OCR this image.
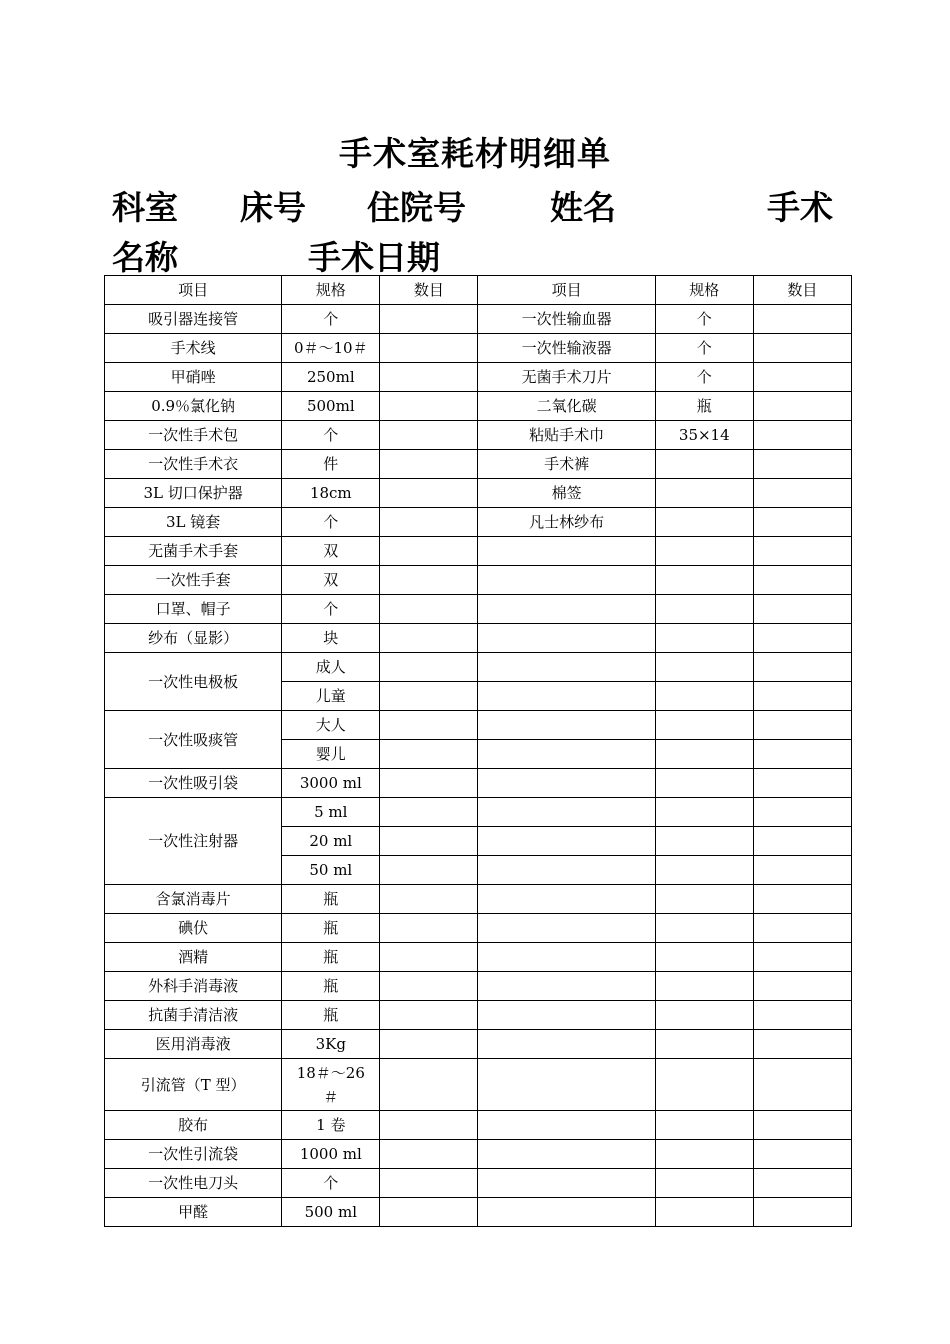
手术室耗材明细单
科室 床号 住院号	姓名	手术
名称	手术日期
项目	规格	数目	项目	规格	数目
吸引器连接管	个		一次性输血器	个	
手术线	0＃～10＃		一次性输液器	个	
甲硝唑	250ml		无菌手术刀片	个	
0.9％氯化钠	500ml		二氧化碳	瓶	
一次性手术包	个		粘贴手术巾	35×14	
一次性手术衣	件		手术裤		
3L 切口保护器	18cm		棉签		
3L 镜套	个		凡士林纱布		
无菌手术手套	双				
一次性手套	双				
口罩、帽子	个				
纱布（显影）	块				
一次性电极板	成人				
	儿童				
一次性吸痰管	大人				
	婴儿				
一次性吸引袋	3000 ml				
一次性注射器	5 ml				
	20 ml				
	50 ml				
含氯消毒片	瓶				
碘伏	瓶				
酒精	瓶				
外科手消毒液	瓶				
抗菌手清洁液	瓶				
医用消毒液	3Kg				
引流管（T 型）	18＃～26＃				
胶布	1 卷				
一次性引流袋	1000 ml				
一次性电刀头	个				
甲醛	500 ml				
